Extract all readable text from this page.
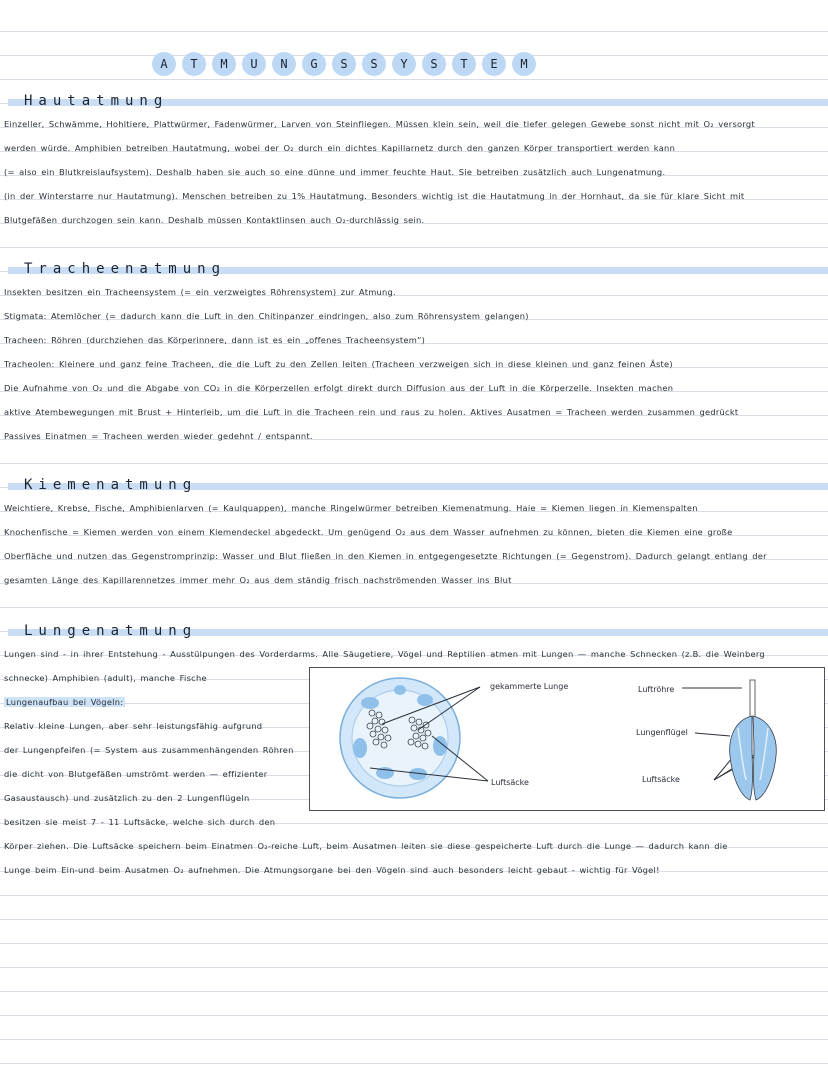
A	T	M	U	N	G	S	S	Y	S	T	E	M
Hautatmung

Einzeller, Schwämme, Hohltiere, Plattwürmer, Fadenwürmer, Larven von Steinfliegen. Müssen klein sein, weil die tiefer gelegen Gewebe sonst nicht mit O₂ versorgt

werden würde. Amphibien betreiben Hautatmung, wobei der O₂ durch ein dichtes Kapillarnetz durch den ganzen Körper transportiert werden kann

(= also ein Blutkreislaufsystem). Deshalb haben sie auch so eine dünne und immer feuchte Haut. Sie betreiben zusätzlich auch Lungenatmung.

(in der Winterstarre nur Hautatmung). Menschen betreiben zu 1% Hautatmung. Besonders wichtig ist die Hautatmung in der Hornhaut, da sie für klare Sicht mit

Blutgefäßen durchzogen sein kann. Deshalb müssen Kontaktlinsen auch O₂-durchlässig sein.

Tracheenatmung

Insekten besitzen ein Tracheensystem (= ein verzweigtes Röhrensystem) zur Atmung.

Stigmata: Atemlöcher (= dadurch kann die Luft in den Chitinpanzer eindringen, also zum Röhrensystem gelangen)

Tracheen: Röhren (durchziehen das Körperinnere, dann ist es ein „offenes Tracheensystem“)

Tracheolen: Kleinere und ganz feine Tracheen, die die Luft zu den Zellen leiten (Tracheen verzweigen sich in diese kleinen und ganz feinen Äste)

Die Aufnahme von O₂ und die Abgabe von CO₂ in die Körperzellen erfolgt direkt durch Diffusion aus der Luft in die Körperzelle. Insekten machen

aktive Atembewegungen mit Brust + Hinterleib, um die Luft in die Tracheen rein und raus zu holen. Aktives Ausatmen = Tracheen werden zusammen gedrückt

Passives Einatmen = Tracheen werden wieder gedehnt / entspannt.

Kiemenatmung

Weichtiere, Krebse, Fische, Amphibienlarven (= Kaulquappen), manche Ringelwürmer betreiben Kiemenatmung. Haie = Kiemen liegen in Kiemenspalten

Knochenfische = Kiemen werden von einem Kiemendeckel abgedeckt. Um genügend O₂ aus dem Wasser aufnehmen zu können, bieten die Kiemen eine große

Oberfläche und nutzen das Gegenstromprinzip: Wasser und Blut fließen in den Kiemen in entgegengesetzte Richtungen (= Gegenstrom). Dadurch gelangt entlang der

gesamten Länge des Kapillarennetzes immer mehr O₂ aus dem ständig frisch nachströmenden Wasser ins Blut

Lungenatmung

Lungen sind - in ihrer Entstehung - Ausstülpungen des Vorderdarms. Alle Säugetiere, Vögel und Reptilien atmen mit Lungen — manche Schnecken (z.B. die Weinberg

schnecke) Amphibien (adult), manche Fische

Lungenaufbau bei Vögeln:

Relativ kleine Lungen, aber sehr leistungsfähig aufgrund

der Lungenpfeifen (= System aus zusammenhängenden Röhren

die dicht von Blutgefäßen umströmt werden — effizienter

Gasaustausch) und zusätzlich zu den 2 Lungenflügeln

besitzen sie meist 7 - 11 Luftsäcke, welche sich durch den

Körper ziehen. Die Luftsäcke speichern beim Einatmen O₂-reiche Luft, beim Ausatmen leiten sie diese gespeicherte Luft durch die Lunge — dadurch kann die

Lunge beim Ein-und beim Ausatmen O₂ aufnehmen. Die Atmungsorgane bei den Vögeln sind auch besonders leicht gebaut - wichtig für Vögel!

gekammerte Lunge
Luftsäcke
Luftröhre
Lungenflügel
Luftsäcke
